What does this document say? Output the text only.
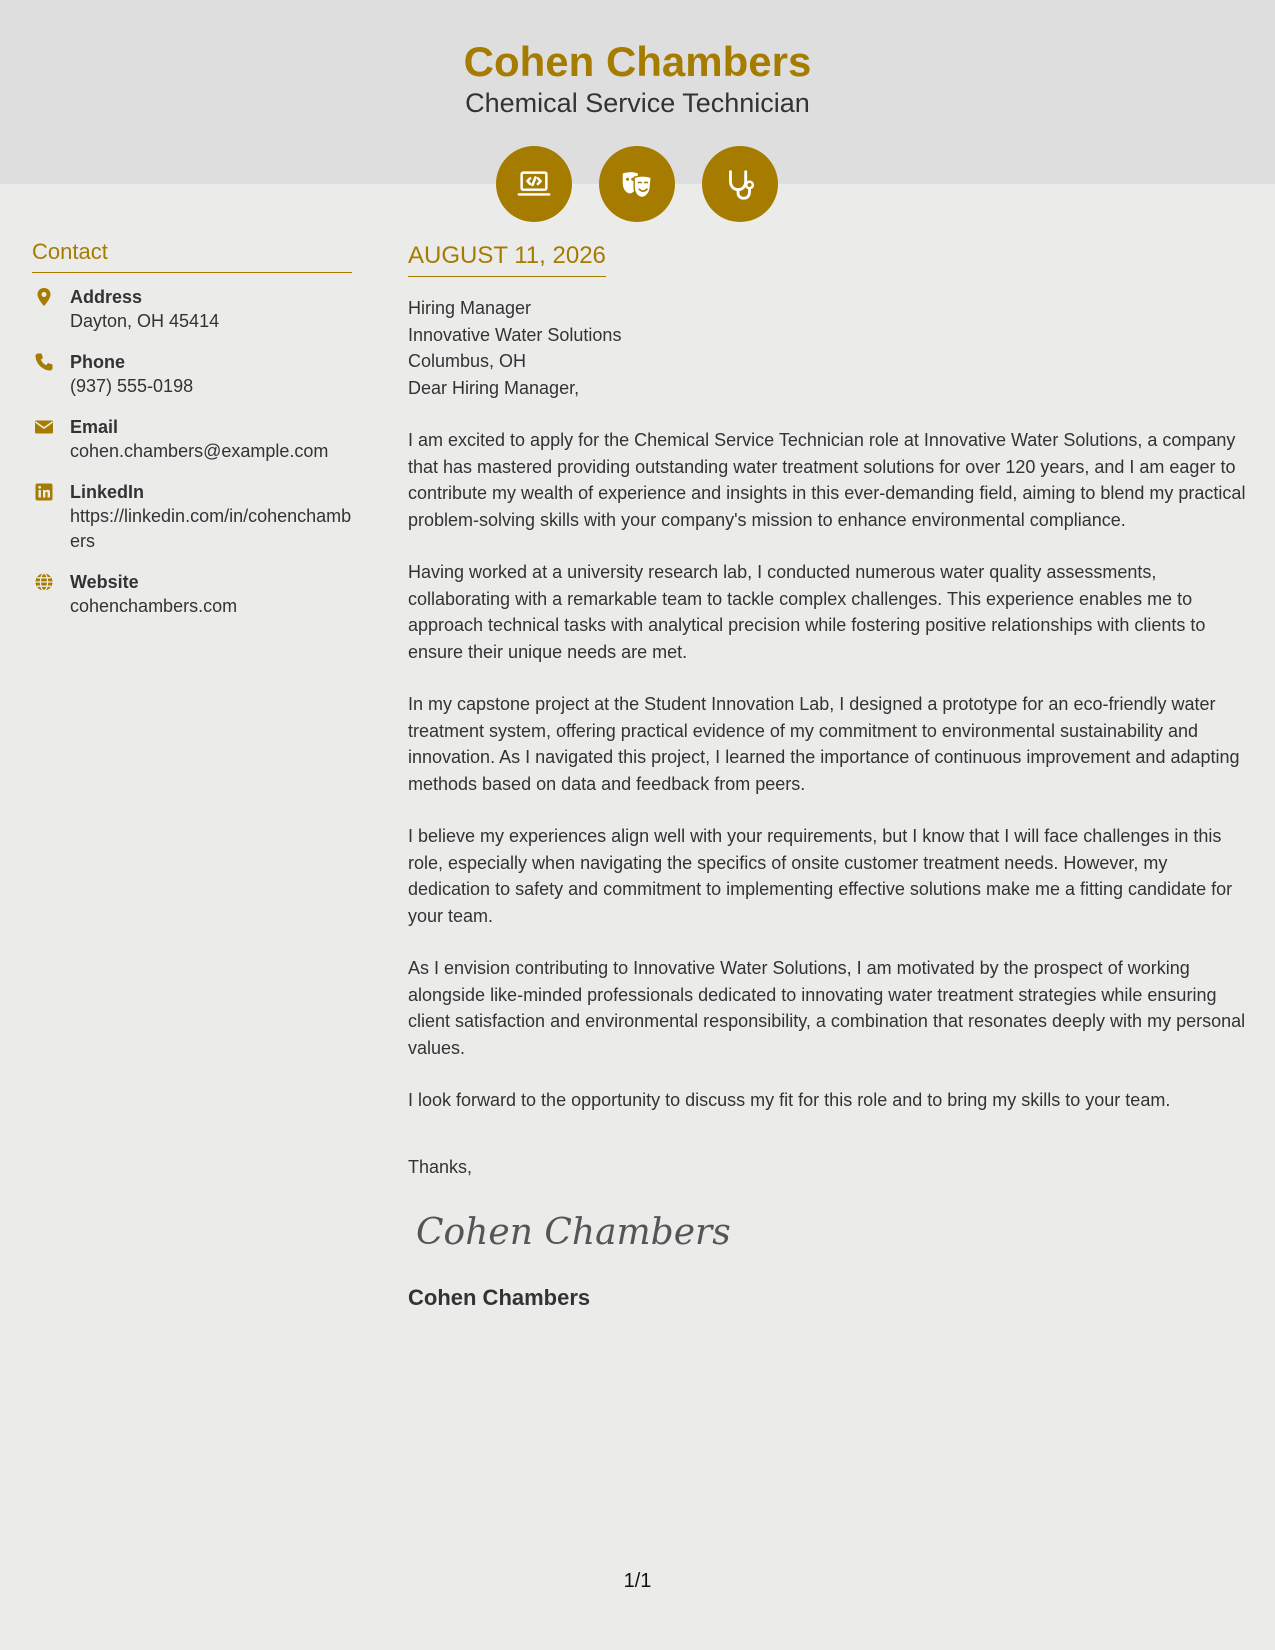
Cohen Chambers
Chemical Service Technician
Contact
Address
Dayton, OH 45414
Phone
(937) 555-0198
Email
cohen.chambers@example.com
LinkedIn
https://linkedin.com/in/cohenchambers
Website
cohenchambers.com
AUGUST 11, 2026
Hiring Manager
Innovative Water Solutions
Columbus, OH

Dear Hiring Manager,

I am excited to apply for the Chemical Service Technician role at Innovative Water Solutions, a company that has mastered providing outstanding water treatment solutions for over 120 years, and I am eager to contribute my wealth of experience and insights in this ever-demanding field, aiming to blend my practical problem-solving skills with your company's mission to enhance environmental compliance.

Having worked at a university research lab, I conducted numerous water quality assessments, collaborating with a remarkable team to tackle complex challenges. This experience enables me to approach technical tasks with analytical precision while fostering positive relationships with clients to ensure their unique needs are met.

In my capstone project at the Student Innovation Lab, I designed a prototype for an eco-friendly water treatment system, offering practical evidence of my commitment to environmental sustainability and innovation. As I navigated this project, I learned the importance of continuous improvement and adapting methods based on data and feedback from peers.

I believe my experiences align well with your requirements, but I know that I will face challenges in this role, especially when navigating the specifics of onsite customer treatment needs. However, my dedication to safety and commitment to implementing effective solutions make me a fitting candidate for your team.

As I envision contributing to Innovative Water Solutions, I am motivated by the prospect of working alongside like-minded professionals dedicated to innovating water treatment strategies while ensuring client satisfaction and environmental responsibility, a combination that resonates deeply with my personal values.

I look forward to the opportunity to discuss my fit for this role and to bring my skills to your team.

Thanks,
Cohen Chambers
Cohen Chambers
1/1
